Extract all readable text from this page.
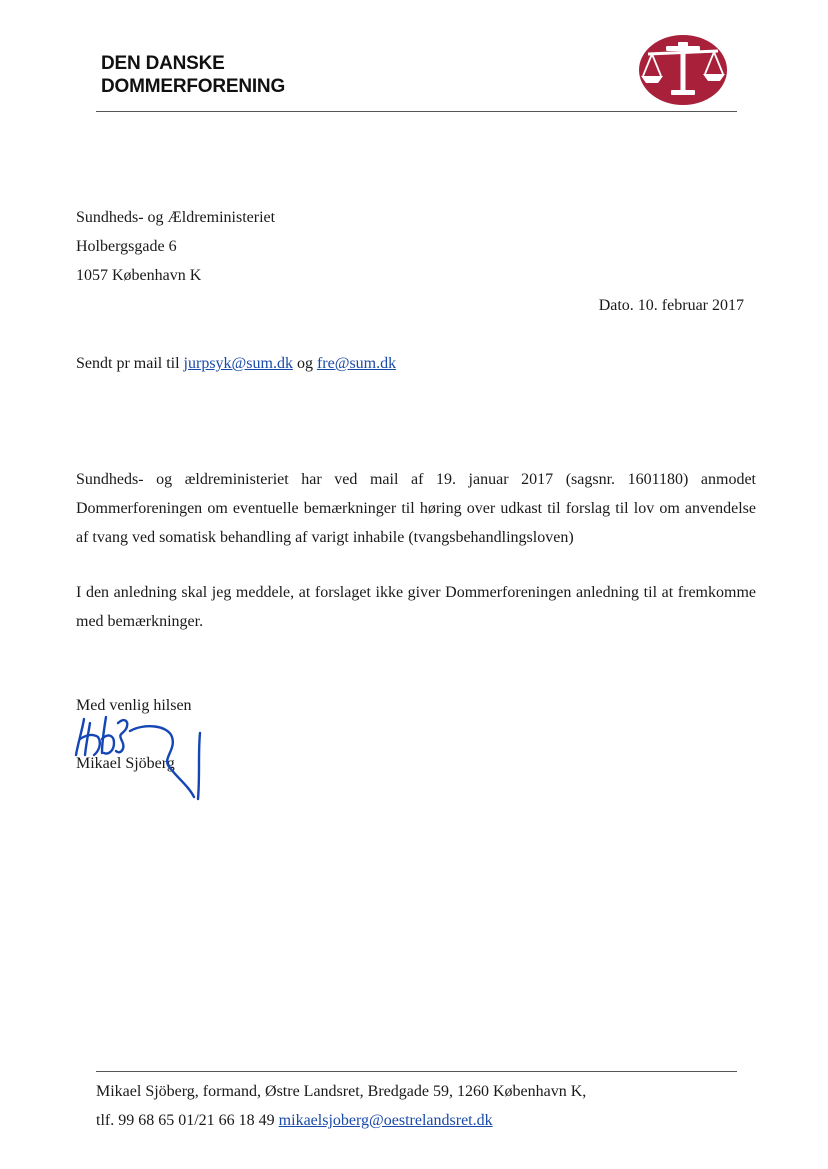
DEN DANSKE
DOMMERFORENING
Sundheds- og Ældreministeriet
Holbergsgade 6
1057 København K
Dato. 10. februar 2017
Sendt pr mail til jurpsyk@sum.dk og fre@sum.dk
Sundheds- og ældreministeriet har ved mail af 19. januar 2017 (sagsnr. 1601180) anmodet Dommerforeningen om eventuelle bemærkninger til høring over udkast til forslag til lov om anvendelse af tvang ved somatisk behandling af varigt inhabile (tvangsbehandlingsloven)
I den anledning skal jeg meddele, at forslaget ikke giver Dommerforeningen anledning til at fremkomme med bemærkninger.
Med venlig hilsen
Mikael Sjöberg
Mikael Sjöberg, formand, Østre Landsret, Bredgade 59, 1260 København K,
tlf. 99 68 65 01/21 66 18 49 mikaelsjoberg@oestrelandsret.dk
